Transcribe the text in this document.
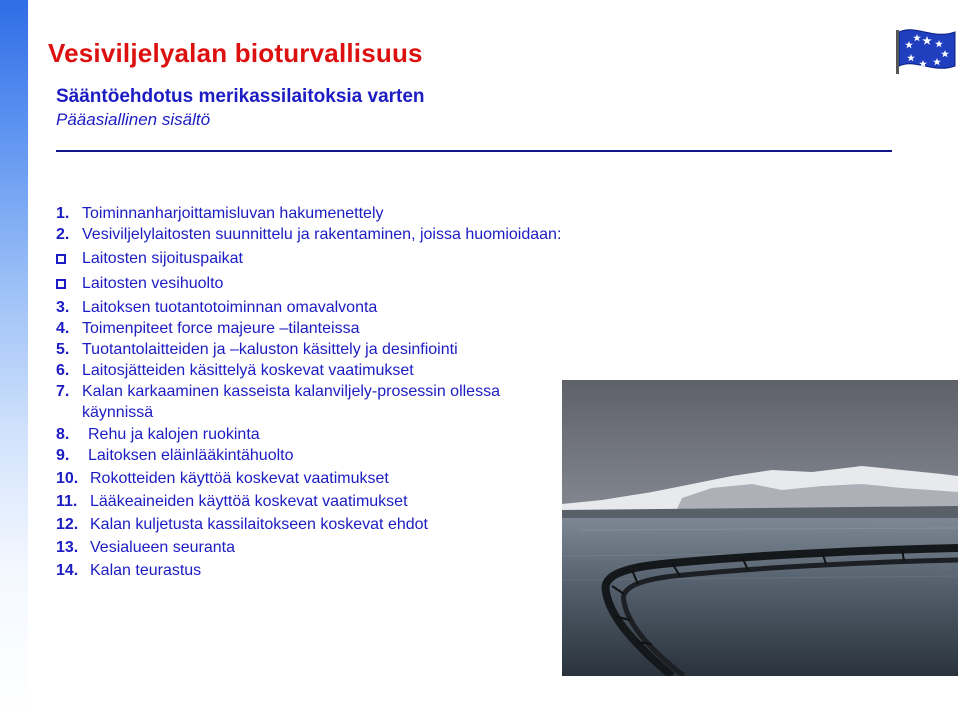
Vesiviljelyalan bioturvallisuus
Sääntöehdotus merikassilaitoksia varten
Pääasiallinen sisältö
1. Toiminnanharjoittamisluvan hakumenettely
2. Vesiviljelylaitosten suunnittelu ja rakentaminen, joissa huomioidaan:
Laitosten sijoituspaikat
Laitosten vesihuolto
3. Laitoksen tuotantotoiminnan omavalvonta
4. Toimenpiteet force majeure –tilanteissa
5. Tuotantolaitteiden ja –kaluston käsittely ja desinfiointi
6. Laitosjätteiden käsittelyä koskevat vaatimukset
7. Kalan karkaaminen kasseista kalanviljely-prosessin ollessa käynnissä
8.	Rehu ja kalojen ruokinta
9.	Laitoksen eläinlääkintähuolto
10. Rokotteiden käyttöä koskevat vaatimukset
11. Lääkeaineiden käyttöä koskevat vaatimukset
12. Kalan kuljetusta kassilaitokseen koskevat ehdot
13. Vesialueen seuranta
14. Kalan teurastus
